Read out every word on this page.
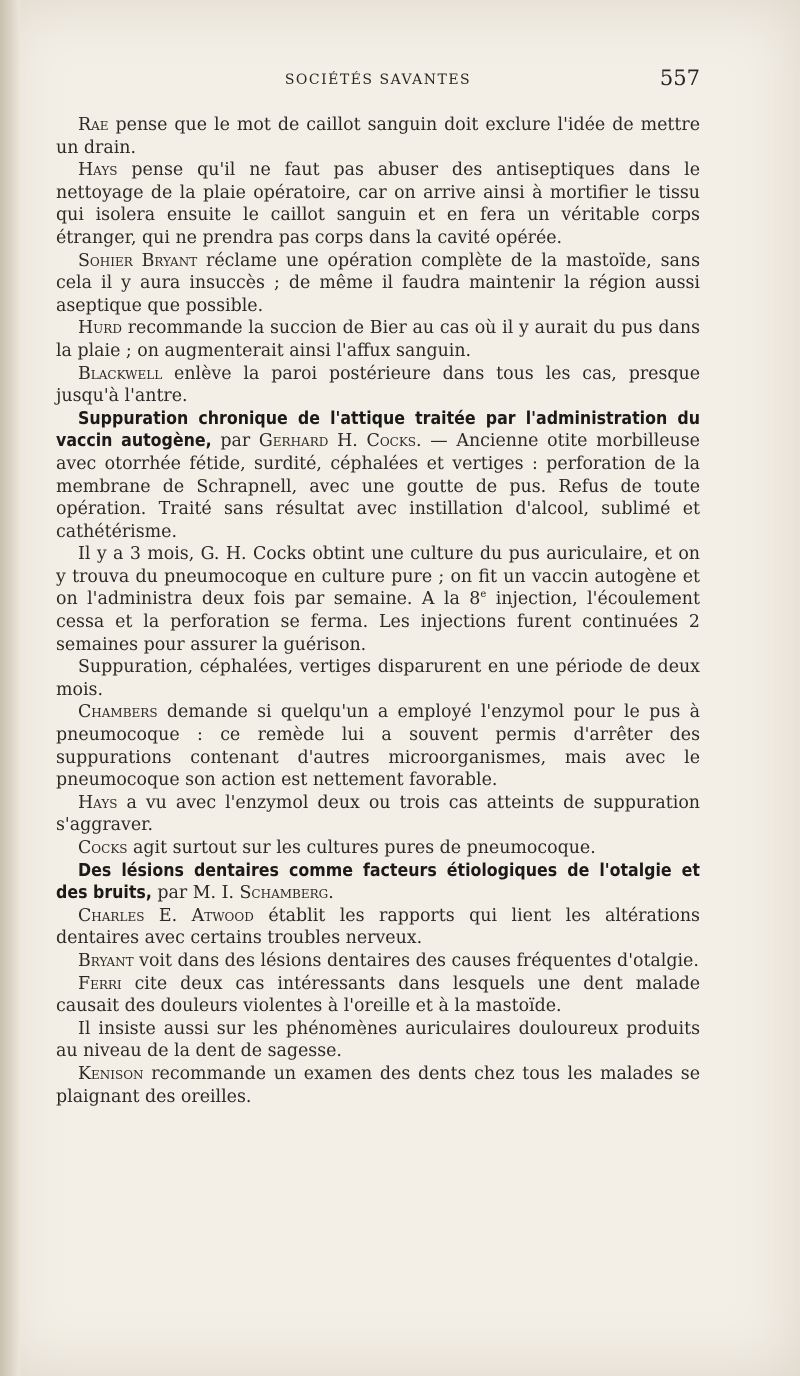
SOCIÉTÉS SAVANTES	557

Rae pense que le mot de caillot sanguin doit exclure l'idée de mettre un drain.

Hays pense qu'il ne faut pas abuser des antiseptiques dans le nettoyage de la plaie opératoire, car on arrive ainsi à mortifier le tissu qui isolera ensuite le caillot sanguin et en fera un véritable corps étranger, qui ne prendra pas corps dans la cavité opérée.

Sohier Bryant réclame une opération complète de la mastoïde, sans cela il y aura insuccès ; de même il faudra maintenir la région aussi aseptique que possible.

Hurd recommande la succion de Bier au cas où il y aurait du pus dans la plaie ; on augmenterait ainsi l'affux sanguin.

Blackwell enlève la paroi postérieure dans tous les cas, presque jusqu'à l'antre.

Suppuration chronique de l'attique traitée par l'administration du vaccin autogène, par Gerhard H. Cocks. — Ancienne otite morbilleuse avec otorrhée fétide, surdité, céphalées et vertiges : perforation de la membrane de Schrapnell, avec une goutte de pus. Refus de toute opération. Traité sans résultat avec instillation d'alcool, sublimé et cathétérisme.

Il y a 3 mois, G. H. Cocks obtint une culture du pus auriculaire, et on y trouva du pneumocoque en culture pure ; on fit un vaccin autogène et on l'administra deux fois par semaine. A la 8e injection, l'écoulement cessa et la perforation se ferma. Les injections furent continuées 2 semaines pour assurer la guérison.

Suppuration, céphalées, vertiges disparurent en une période de deux mois.

Chambers demande si quelqu'un a employé l'enzymol pour le pus à pneumocoque : ce remède lui a souvent permis d'arrêter des suppurations contenant d'autres microorganismes, mais avec le pneumocoque son action est nettement favorable.

Hays a vu avec l'enzymol deux ou trois cas atteints de suppuration s'aggraver.

Cocks agit surtout sur les cultures pures de pneumocoque.

Des lésions dentaires comme facteurs étiologiques de l'otalgie et des bruits, par M. I. Schamberg.

Charles E. Atwood établit les rapports qui lient les altérations dentaires avec certains troubles nerveux.

Bryant voit dans des lésions dentaires des causes fréquentes d'otalgie.

Ferri cite deux cas intéressants dans lesquels une dent malade causait des douleurs violentes à l'oreille et à la mastoïde.

Il insiste aussi sur les phénomènes auriculaires douloureux produits au niveau de la dent de sagesse.

Kenison recommande un examen des dents chez tous les malades se plaignant des oreilles.
